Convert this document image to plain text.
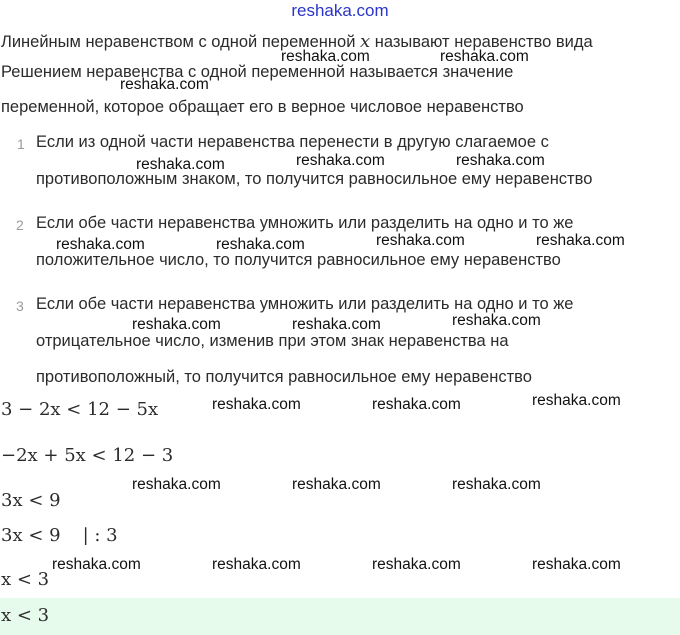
reshaka.com
Линейным неравенством с одной переменной x называют неравенство вида
Решением неравенства с одной переменной называется значение
переменной, которое обращает его в верное числовое неравенство
1 Если из одной части неравенства перенести в другую слагаемое с
противоположным знаком, то получится равносильное ему неравенство
2 Если обе части неравенства умножить или разделить на одно и то же
положительное число, то получится равносильное ему неравенство
3 Если обе части неравенства умножить или разделить на одно и то же
отрицательное число, изменив при этом знак неравенства на
противоположный, то получится равносильное ему неравенство
3 − 2x < 12 − 5x
−2x + 5x < 12 − 3
3x < 9
3x < 9 | : 3
x < 3
x < 3
reshaka.com	reshaka.com
reshaka.com
reshaka.com	reshaka.com	reshaka.com
reshaka.com	reshaka.com	reshaka.com	reshaka.com
reshaka.com	reshaka.com	reshaka.com
reshaka.com	reshaka.com	reshaka.com
reshaka.com	reshaka.com	reshaka.com
reshaka.com	reshaka.com	reshaka.com	reshaka.com
